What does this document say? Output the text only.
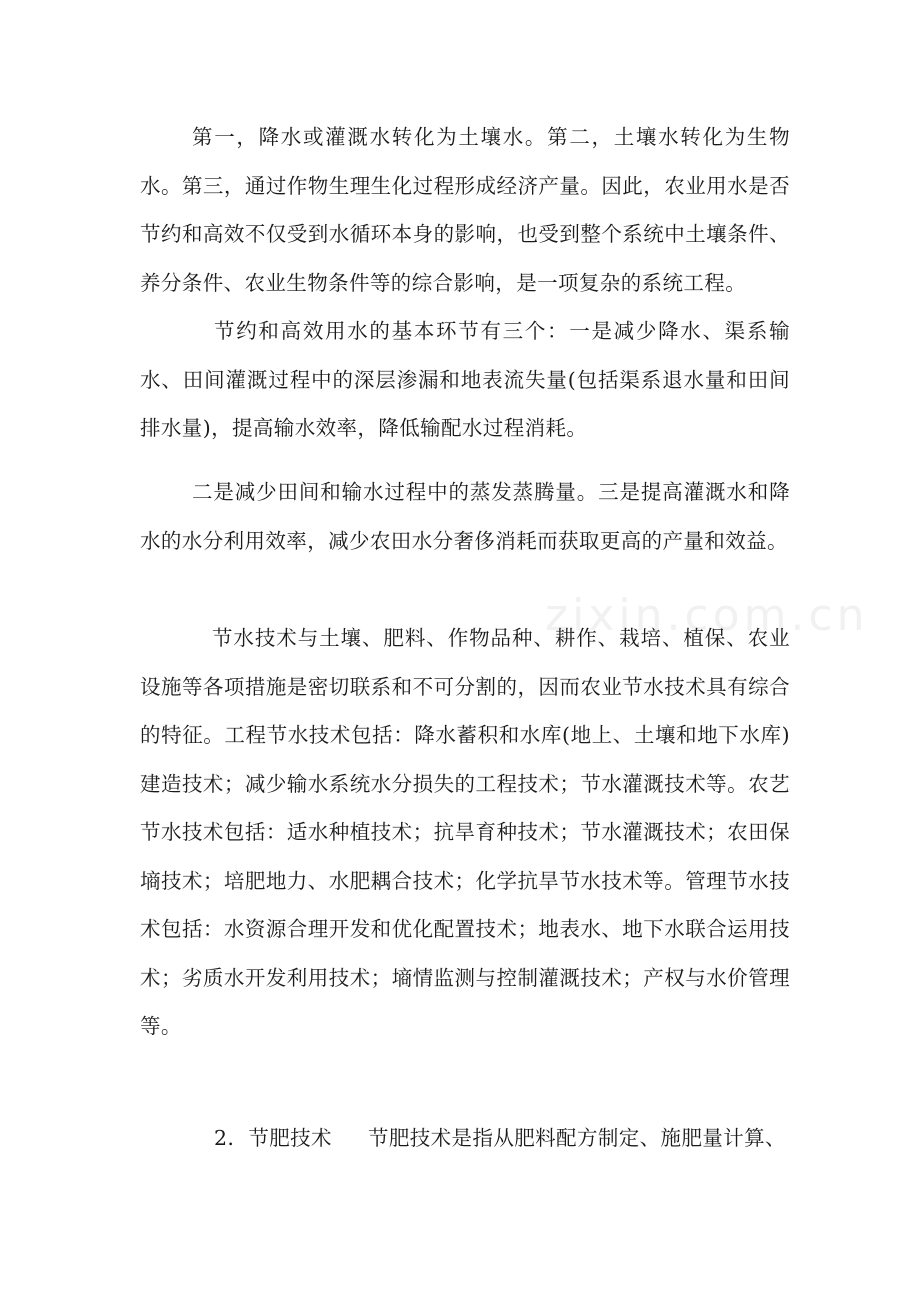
zixin.com.cn

第一，降水或灌溉水转化为土壤水。第二，土壤水转化为生物水。第三，通过作物生理生化过程形成经济产量。因此，农业用水是否节约和高效不仅受到水循环本身的影响，也受到整个系统中土壤条件、养分条件、农业生物条件等的综合影响，是一项复杂的系统工程。

节约和高效用水的基本环节有三个：一是减少降水、渠系输水、田间灌溉过程中的深层渗漏和地表流失量(包括渠系退水量和田间排水量)，提高输水效率，降低输配水过程消耗。

二是减少田间和输水过程中的蒸发蒸腾量。三是提高灌溉水和降水的水分利用效率，减少农田水分奢侈消耗而获取更高的产量和效益。

节水技术与土壤、肥料、作物品种、耕作、栽培、植保、农业设施等各项措施是密切联系和不可分割的，因而农业节水技术具有综合的特征。工程节水技术包括：降水蓄积和水库(地上、土壤和地下水库)建造技术；减少输水系统水分损失的工程技术；节水灌溉技术等。农艺节水技术包括：适水种植技术；抗旱育种技术；节水灌溉技术；农田保墒技术；培肥地力、水肥耦合技术；化学抗旱节水技术等。管理节水技术包括：水资源合理开发和优化配置技术；地表水、地下水联合运用技术；劣质水开发利用技术；墒情监测与控制灌溉技术；产权与水价管理等。

2．节肥技术 节肥技术是指从肥料配方制定、施肥量计算、
